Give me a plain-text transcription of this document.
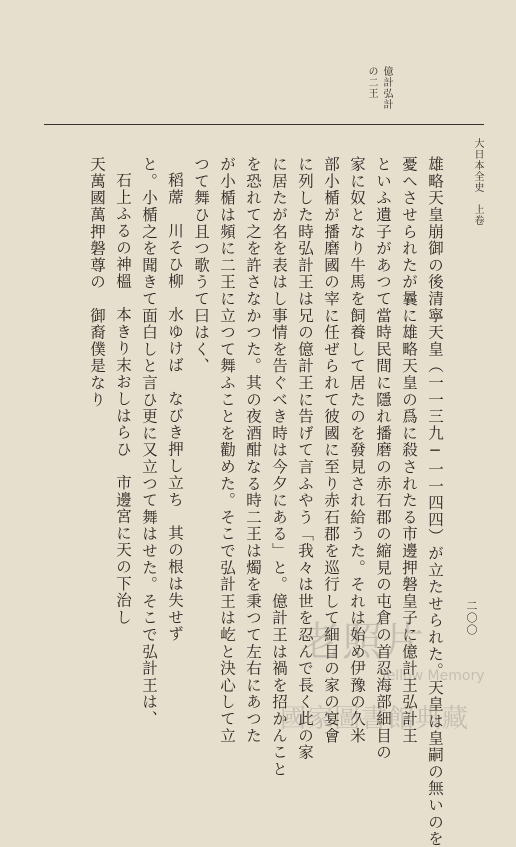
億計弘計
の二王
大日本全史　上卷
二〇〇

雄略天皇崩御の後清寧天皇（一一三九─一一四四）が立たせられた。天皇は皇嗣の無いのを

憂へさせられたが曩に雄略天皇の爲に殺されたる市邊押磐皇子に億計王弘計王

といふ遺子があつて當時民間に隱れ播磨の赤石郡の縮見の屯倉の首忍海部細目の

家に奴となり牛馬を飼養して居たのを發見され給うた。それは始め伊豫の久米

部小楯が播磨國の宰に任ぜられて彼國に至り赤石郡を巡行して細目の家の宴會

に列した時弘計王は兄の億計王に告げて言ふやう「我々は世を忍んで長く此の家

に居たが名を表はし事情を告ぐべき時は今夕にある」と。億計王は禍を招かんこと

を恐れて之を許さなかつた。其の夜酒酣なる時二王は燭を秉つて左右にあつた

が小楯は頻に二王に立つて舞ふことを勸めた。そこで弘計王は屹と決心して立

つて舞ひ且つ歌うて曰はく、

稻蓆　川そひ柳　水ゆけば　なびき押し立ち　其の根は失せず

と。小楯之を聞きて面白しと言ひ更に又立つて舞はせた。そこで弘計王は、

石上ふるの神榲　本きり末おしはらひ　市邊宮に天の下治し

天萬國萬押磐尊の　御裔僕是なり

老照片
Yellow Memory
國家圖書館典藏
